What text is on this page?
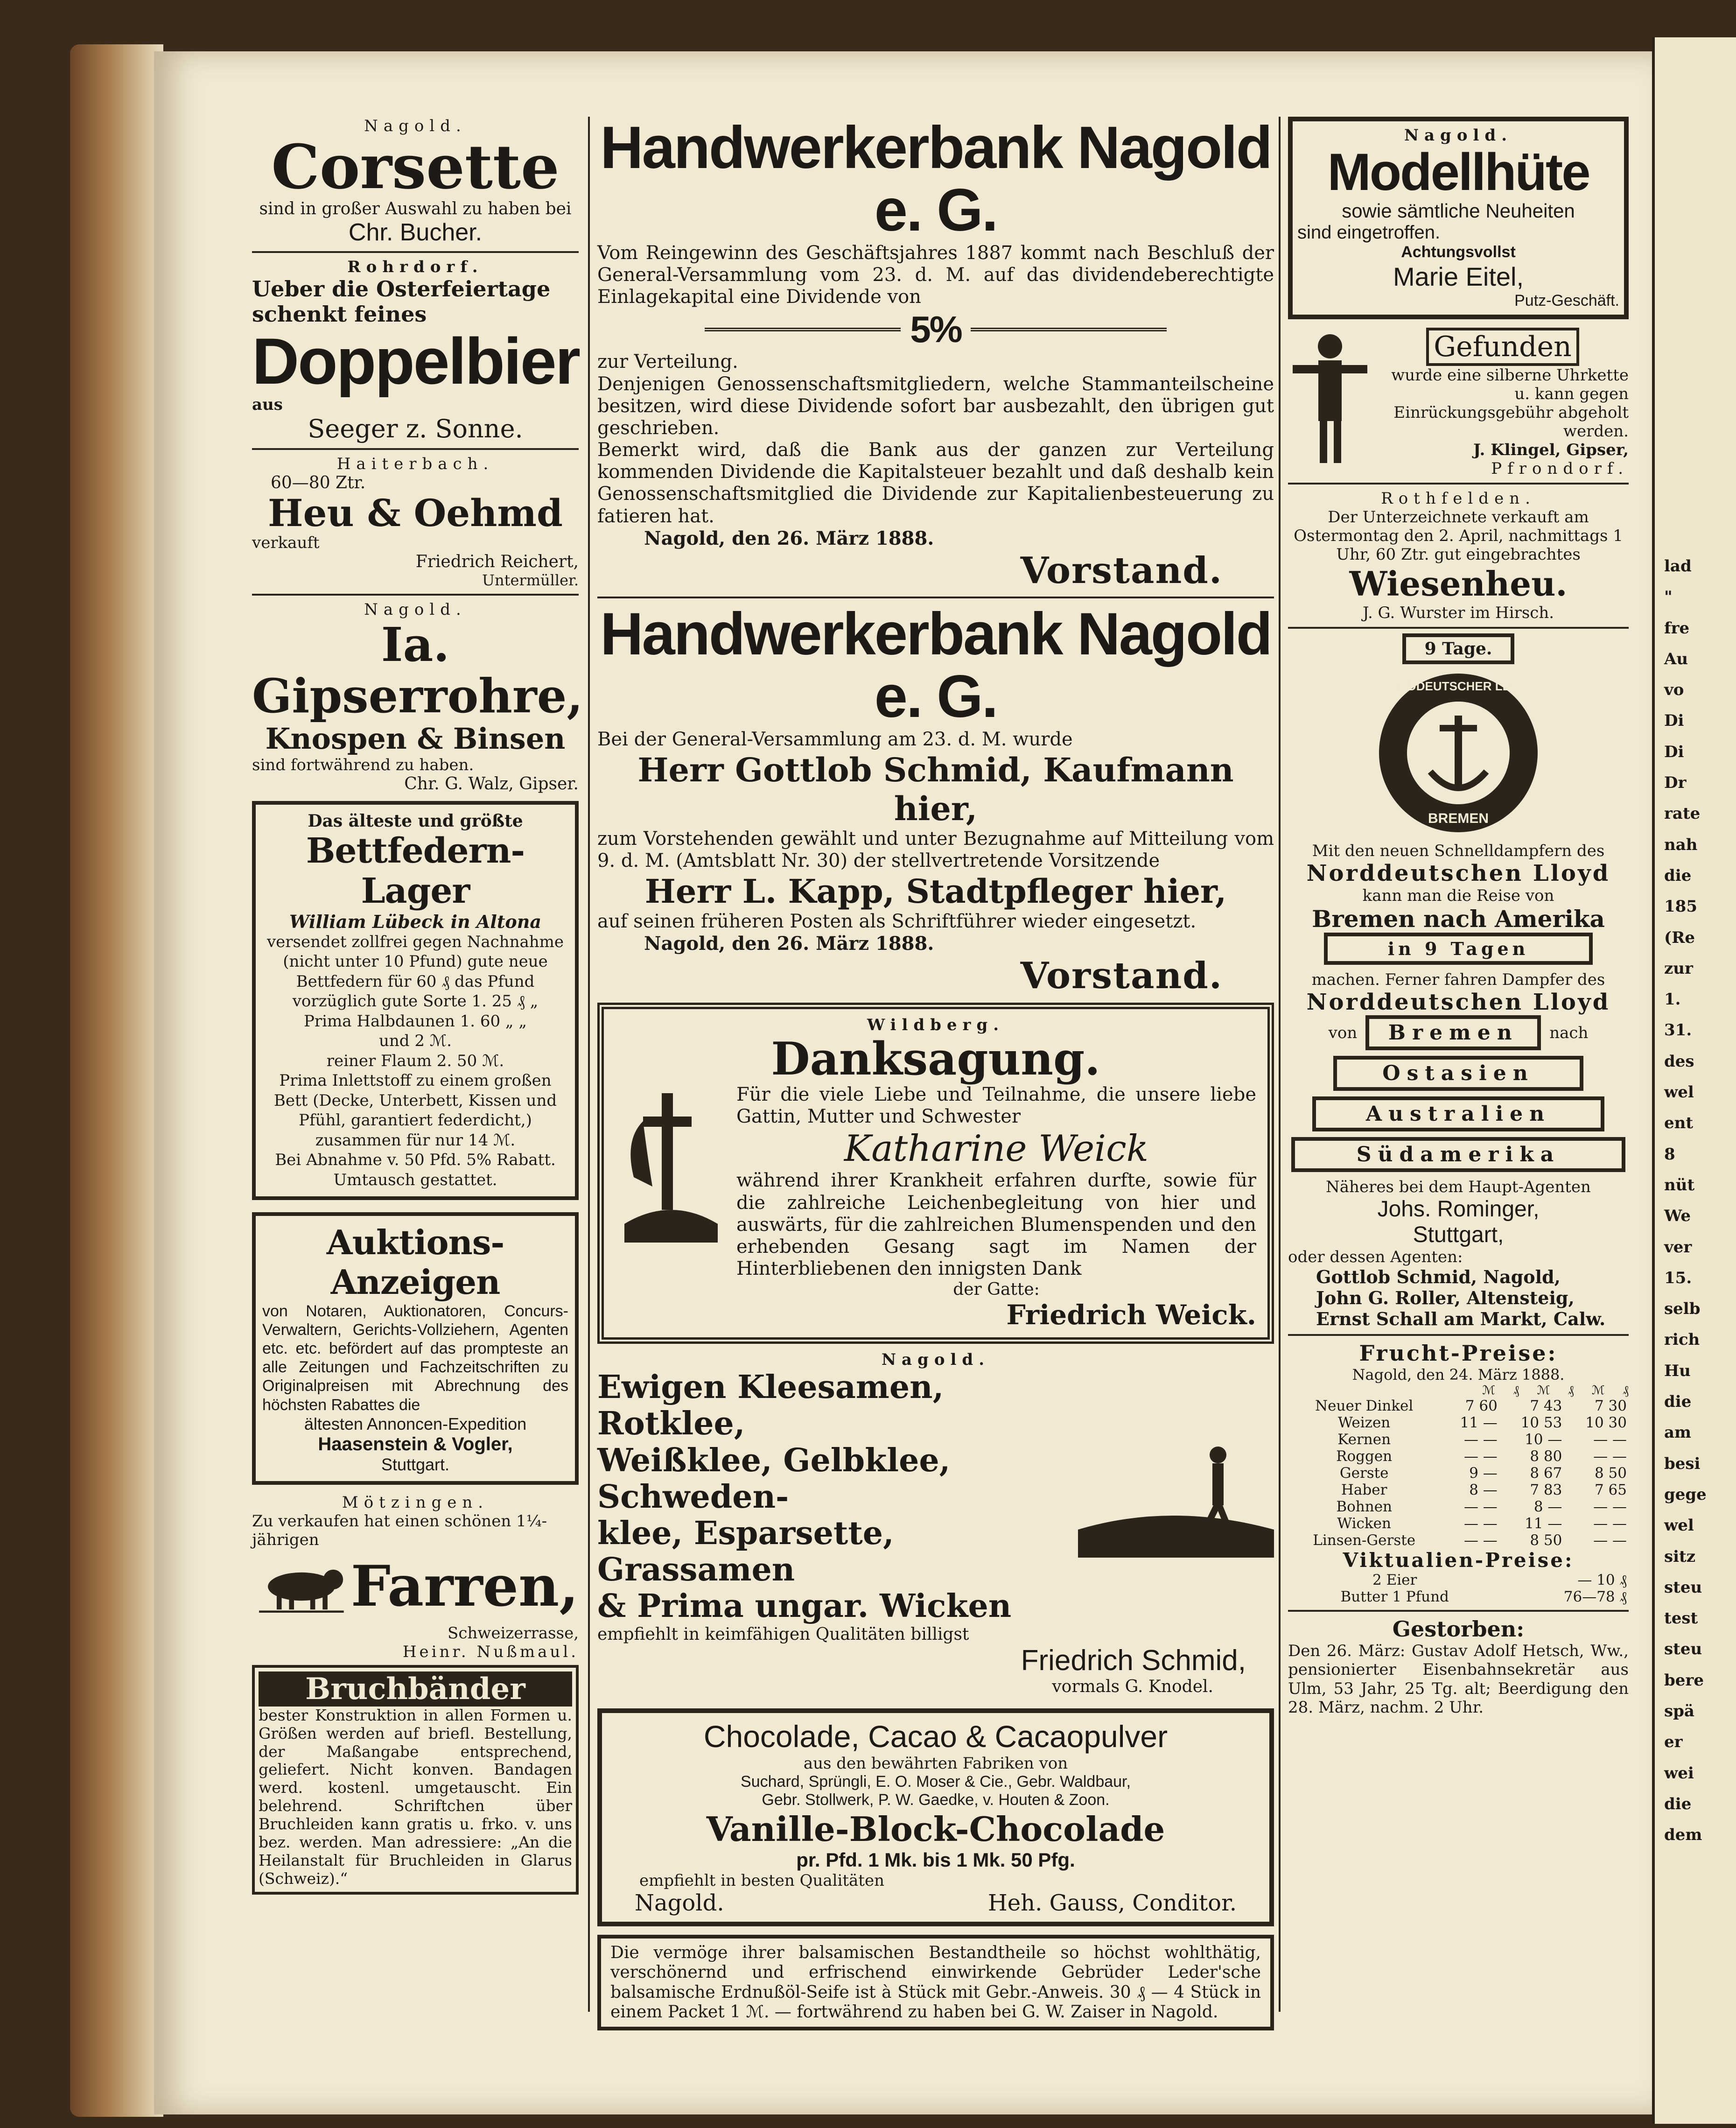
lad
"
fre
Au
vo
Di
Di
Dr
rate
nah
die
185
(Re
zur
1.
31.
des
wel
ent
8
nüt
We
ver
15.
selb
rich
Hu
die
am
besi
gege
wel
sitz
steu
test
steu
bere
spä
er
wei
die
dem
Nagold.
Corsette
sind in großer Auswahl zu haben bei
Chr. Bucher.
Rohrdorf.
Ueber die Osterfeiertage
schenkt feines
Doppelbier
aus
Seeger z. Sonne.
Haiterbach.
60—80 Ztr.
Heu & Oehmd
verkauft
Friedrich Reichert,
Untermüller.
Nagold.
Ia. Gipserrohre,
Knospen & Binsen
sind fortwährend zu haben.
Chr. G. Walz, Gipser.
Das älteste und größte
Bettfedern-Lager
William Lübeck in Altona
versendet zollfrei gegen Nachnahme
(nicht unter 10 Pfund) gute neue
Bettfedern für 60 ₰ das Pfund
vorzüglich gute Sorte 1. 25 ₰ „
Prima Halbdaunen 1. 60 „ „
und 2 ℳ.
reiner Flaum 2. 50 ℳ.
Prima Inlettstoff zu einem großen
Bett (Decke, Unterbett, Kissen und
Pfühl, garantiert federdicht,)
zusammen für nur 14 ℳ.
Bei Abnahme v. 50 Pfd. 5% Rabatt.
Umtausch gestattet.
Auktions-Anzeigen
von Notaren, Auktionatoren, Concurs-Verwaltern, Gerichts-Vollziehern, Agenten etc. etc. befördert auf das prompteste an alle Zeitungen und Fachzeitschriften zu Originalpreisen mit Abrechnung des höchsten Rabattes die
ältesten Annoncen-Expedition
Haasenstein & Vogler,
Stuttgart.
Mötzingen.
Zu verkaufen hat einen schönen 1¼-
jährigen
Farren,
Schweizerrasse,
Heinr. Nußmaul.
Bruchbänder
bester Konstruktion in allen Formen u. Größen werden auf briefl. Bestellung, der Maßangabe entsprechend, geliefert. Nicht konven. Bandagen werd. kostenl. umgetauscht. Ein belehrend. Schriftchen über Bruchleiden kann gratis u. frko. v. uns bez. werden. Man adressiere: „An die Heilanstalt für Bruchleiden in Glarus (Schweiz).“
Handwerkerbank Nagold e. G.
Vom Reingewinn des Geschäftsjahres 1887 kommt nach Beschluß der General-Versammlung vom 23. d. M. auf das dividendeberechtigte Einlagekapital eine Dividende von
5%
zur Verteilung.
Denjenigen Genossenschaftsmitgliedern, welche Stammanteilscheine besitzen, wird diese Dividende sofort bar ausbezahlt, den übrigen gut geschrieben.
Bemerkt wird, daß die Bank aus der ganzen zur Verteilung kommenden Dividende die Kapitalsteuer bezahlt und daß deshalb kein Genossenschaftsmitglied die Dividende zur Kapitalienbesteuerung zu fatieren hat.
Nagold, den 26. März 1888.
Vorstand.
Handwerkerbank Nagold e. G.
Bei der General-Versammlung am 23. d. M. wurde
Herr Gottlob Schmid, Kaufmann hier,
zum Vorstehenden gewählt und unter Bezugnahme auf Mitteilung vom 9. d. M. (Amtsblatt Nr. 30) der stellvertretende Vorsitzende
Herr L. Kapp, Stadtpfleger hier,
auf seinen früheren Posten als Schriftführer wieder eingesetzt.
Nagold, den 26. März 1888.
Vorstand.
Wildberg.
Danksagung.
Für die viele Liebe und Teilnahme, die unsere liebe Gattin, Mutter und Schwester
Katharine Weick
während ihrer Krankheit erfahren durfte, sowie für die zahlreiche Leichenbegleitung von hier und auswärts, für die zahlreichen Blumenspenden und den erhebenden Gesang sagt im Namen der Hinterbliebenen den innigsten Dank
der Gatte:
Friedrich Weick.
Nagold.
Ewigen Kleesamen, Rotklee,
Weißklee, Gelbklee, Schweden-
klee, Esparsette, Grassamen
& Prima ungar. Wicken
empfiehlt in keimfähigen Qualitäten billigst
Friedrich Schmid,
vormals G. Knodel.
Chocolade, Cacao & Cacaopulver
aus den bewährten Fabriken von
Suchard, Sprüngli, E. O. Moser & Cie., Gebr. Waldbaur,
Gebr. Stollwerk, P. W. Gaedke, v. Houten & Zoon.
Vanille-Block-Chocolade
pr. Pfd. 1 Mk. bis 1 Mk. 50 Pfg.
empfiehlt in besten Qualitäten
Nagold.	Heh. Gauss, Conditor.
Die vermöge ihrer balsamischen Bestandtheile so höchst wohlthätig, verschönernd und erfrischend einwirkende Gebrüder Leder'sche balsamische Erdnußöl-Seife ist à Stück mit Gebr.-Anweis. 30 ₰ — 4 Stück in einem Packet 1 ℳ. — fortwährend zu haben bei G. W. Zaiser in Nagold.
Nagold.
Modellhüte
sowie sämtliche Neuheiten
sind eingetroffen.
Achtungsvollst
Marie Eitel,
Putz-Geschäft.
Gefunden
wurde eine silberne Uhrkette u. kann gegen Einrückungsgebühr abgeholt werden.
J. Klingel, Gipser,
Pfrondorf.
Rothfelden.
Der Unterzeichnete verkauft am Ostermontag den 2. April, nachmittags 1 Uhr, 60 Ztr. gut eingebrachtes
Wiesenheu.
J. G. Wurster im Hirsch.
9 Tage.
NORDDEUTSCHER LLOYD
BREMEN
Mit den neuen Schnelldampfern des
Norddeutschen Lloyd
kann man die Reise von
Bremen nach Amerika
in 9 Tagen
machen. Ferner fahren Dampfer des
Norddeutschen Lloyd
von	Bremen	nach
Ostasien
Australien
Südamerika
Näheres bei dem Haupt-Agenten
Johs. Rominger,
Stuttgart,
oder dessen Agenten:
Gottlob Schmid, Nagold,
John G. Roller, Altensteig,
Ernst Schall am Markt, Calw.
Frucht-Preise:
Nagold, den 24. März 1888.
ℳ ₰ ℳ ₰ ℳ ₰
Neuer Dinkel	7 60	7 43	7 30
Weizen	11 —	10 53	10 30
Kernen	— —	10 —	— —
Roggen	— —	8 80	— —
Gerste	9 —	8 67	8 50
Haber	8 —	7 83	7 65
Bohnen	— —	8 —	— —
Wicken	— —	11 —	— —
Linsen-Gerste	— —	8 50	— —
Viktualien-Preise:
2 Eier	— 10 ₰
Butter 1 Pfund	76—78 ₰
Gestorben:
Den 26. März: Gustav Adolf Hetsch, Ww., pensionierter Eisenbahnsekretär aus Ulm, 53 Jahr, 25 Tg. alt; Beerdigung den 28. März, nachm. 2 Uhr.
